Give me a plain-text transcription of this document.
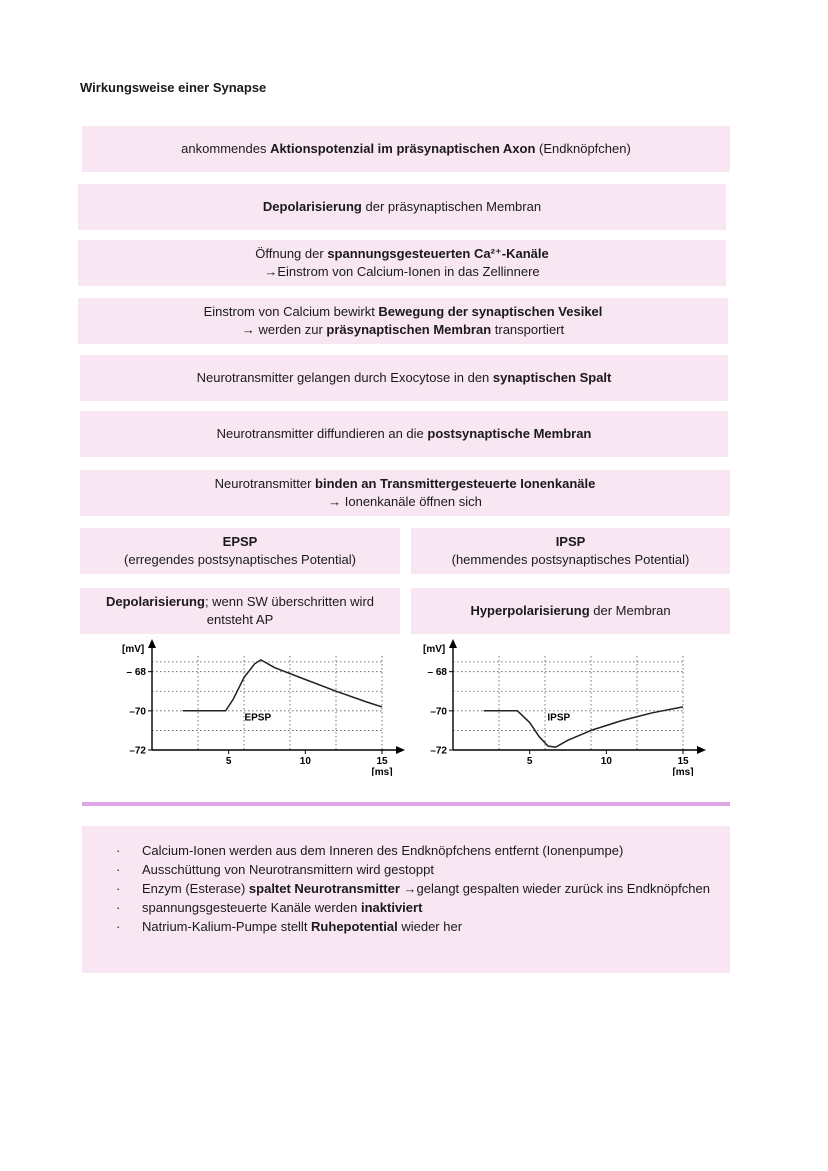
Wirkungsweise einer Synapse
ankommendes Aktionspotenzial im präsynaptischen Axon (Endknöpfchen)
Depolarisierung der präsynaptischen Membran
Öffnung der spannungsgesteuerten Ca²⁺-Kanäle
→Einstrom von Calcium-Ionen in das Zellinnere
Einstrom von Calcium bewirkt Bewegung der synaptischen Vesikel
→ werden zur präsynaptischen Membran transportiert
Neurotransmitter gelangen durch Exocytose in den synaptischen Spalt
Neurotransmitter diffundieren an die postsynaptische Membran
Neurotransmitter binden an Transmittergesteuerte Ionenkanäle
→ Ionenkanäle öffnen sich
EPSP
(erregendes postsynaptisches Potential)
IPSP
(hemmendes postsynaptisches Potential)
Depolarisierung; wenn SW überschritten wird
entsteht AP
Hyperpolarisierung der Membran
[mV]
– 68
–70
–72
5	10	15
[ms]
EPSP
[mV]
– 68
–70
–72
5	10	15
[ms]
IPSP
· Calcium-Ionen werden aus dem Inneren des Endknöpfchens entfernt (Ionenpumpe)
· Ausschüttung von Neurotransmittern wird gestoppt
· Enzym (Esterase) spaltet Neurotransmitter →gelangt gespalten wieder zurück ins Endknöpfchen
· spannungsgesteuerte Kanäle werden inaktiviert
· Natrium-Kalium-Pumpe stellt Ruhepotential wieder her
